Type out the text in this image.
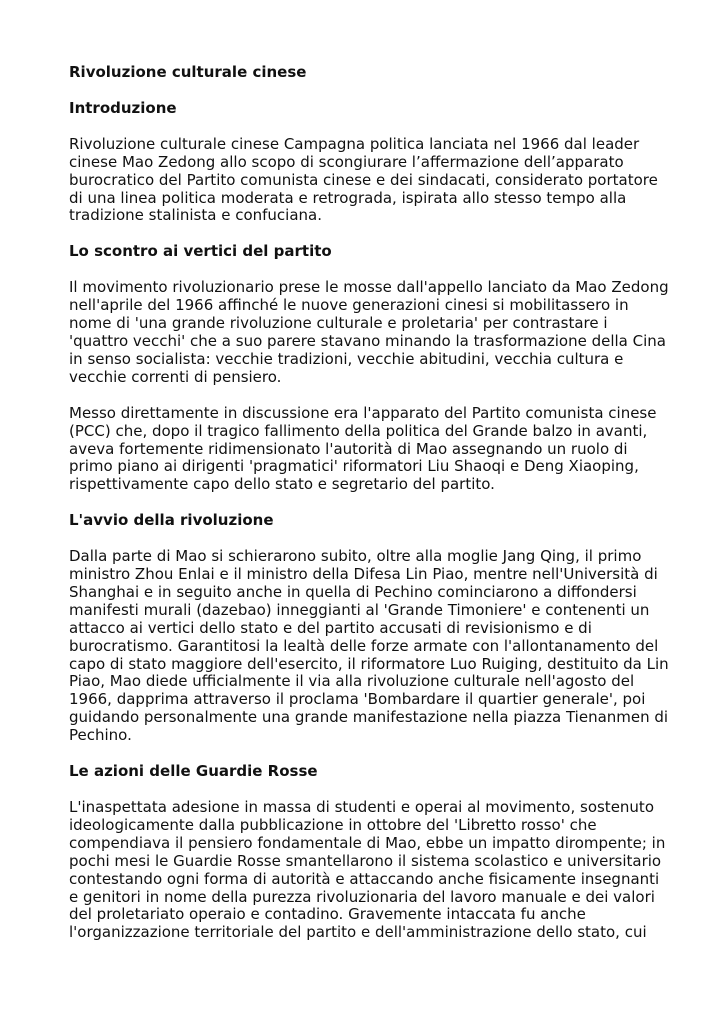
Rivoluzione culturale cinese

Introduzione

Rivoluzione culturale cinese Campagna politica lanciata nel 1966 dal leader cinese Mao Zedong allo scopo di scongiurare l’affermazione dell’apparato burocratico del Partito comunista cinese e dei sindacati, considerato portatore di una linea politica moderata e retrograda, ispirata allo stesso tempo alla tradizione stalinista e confuciana.

Lo scontro ai vertici del partito

Il movimento rivoluzionario prese le mosse dall'appello lanciato da Mao Zedong nell'aprile del 1966 affinché le nuove generazioni cinesi si mobilitassero in nome di 'una grande rivoluzione culturale e proletaria' per contrastare i 'quattro vecchi' che a suo parere stavano minando la trasformazione della Cina in senso socialista: vecchie tradizioni, vecchie abitudini, vecchia cultura e vecchie correnti di pensiero.

Messo direttamente in discussione era l'apparato del Partito comunista cinese (PCC) che, dopo il tragico fallimento della politica del Grande balzo in avanti, aveva fortemente ridimensionato l'autorità di Mao assegnando un ruolo di primo piano ai dirigenti 'pragmatici' riformatori Liu Shaoqi e Deng Xiaoping, rispettivamente capo dello stato e segretario del partito.

L'avvio della rivoluzione

Dalla parte di Mao si schierarono subito, oltre alla moglie Jang Qing, il primo ministro Zhou Enlai e il ministro della Difesa Lin Piao, mentre nell'Università di Shanghai e in seguito anche in quella di Pechino cominciarono a diffondersi manifesti murali (dazebao) inneggianti al 'Grande Timoniere' e contenenti un attacco ai vertici dello stato e del partito accusati di revisionismo e di burocratismo. Garantitosi la lealtà delle forze armate con l'allontanamento del capo di stato maggiore dell'esercito, il riformatore Luo Ruiging, destituito da Lin Piao, Mao diede ufficialmente il via alla rivoluzione culturale nell'agosto del 1966, dapprima attraverso il proclama 'Bombardare il quartier generale', poi guidando personalmente una grande manifestazione nella piazza Tienanmen di Pechino.

Le azioni delle Guardie Rosse

L'inaspettata adesione in massa di studenti e operai al movimento, sostenuto ideologicamente dalla pubblicazione in ottobre del 'Libretto rosso' che compendiava il pensiero fondamentale di Mao, ebbe un impatto dirompente; in pochi mesi le Guardie Rosse smantellarono il sistema scolastico e universitario contestando ogni forma di autorità e attaccando anche fisicamente insegnanti e genitori in nome della purezza rivoluzionaria del lavoro manuale e dei valori del proletariato operaio e contadino. Gravemente intaccata fu anche l'organizzazione territoriale del partito e dell'amministrazione dello stato, cui
